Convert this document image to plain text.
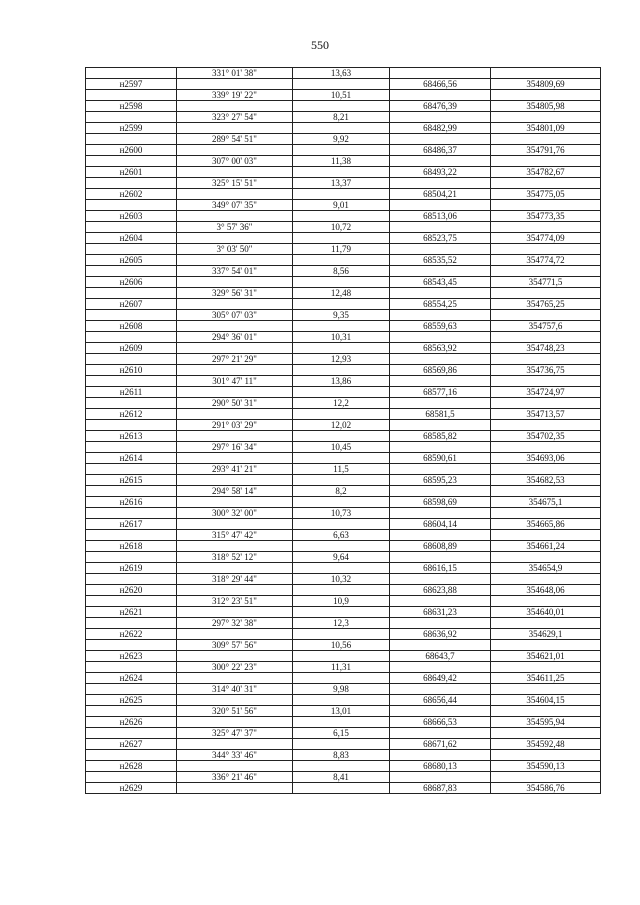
550
	331° 01' 38"	13,63		
н2597			68466,56	354809,69
	339° 19' 22"	10,51		
н2598			68476,39	354805,98
	323° 27' 54"	8,21		
н2599			68482,99	354801,09
	289° 54' 51"	9,92		
н2600			68486,37	354791,76
	307° 00' 03"	11,38		
н2601			68493,22	354782,67
	325° 15' 51"	13,37		
н2602			68504,21	354775,05
	349° 07' 35"	9,01		
н2603			68513,06	354773,35
	3° 57' 36"	10,72		
н2604			68523,75	354774,09
	3° 03' 50"	11,79		
н2605			68535,52	354774,72
	337° 54' 01"	8,56		
н2606			68543,45	354771,5
	329° 56' 31"	12,48		
н2607			68554,25	354765,25
	305° 07' 03"	9,35		
н2608			68559,63	354757,6
	294° 36' 01"	10,31		
н2609			68563,92	354748,23
	297° 21' 29"	12,93		
н2610			68569,86	354736,75
	301° 47' 11"	13,86		
н2611			68577,16	354724,97
	290° 50' 31"	12,2		
н2612			68581,5	354713,57
	291° 03' 29"	12,02		
н2613			68585,82	354702,35
	297° 16' 34"	10,45		
н2614			68590,61	354693,06
	293° 41' 21"	11,5		
н2615			68595,23	354682,53
	294° 58' 14"	8,2		
н2616			68598,69	354675,1
	300° 32' 00"	10,73		
н2617			68604,14	354665,86
	315° 47' 42"	6,63		
н2618			68608,89	354661,24
	318° 52' 12"	9,64		
н2619			68616,15	354654,9
	318° 29' 44"	10,32		
н2620			68623,88	354648,06
	312° 23' 51"	10,9		
н2621			68631,23	354640,01
	297° 32' 38"	12,3		
н2622			68636,92	354629,1
	309° 57' 56"	10,56		
н2623			68643,7	354621,01
	300° 22' 23"	11,31		
н2624			68649,42	354611,25
	314° 40' 31"	9,98		
н2625			68656,44	354604,15
	320° 51' 56"	13,01		
н2626			68666,53	354595,94
	325° 47' 37"	6,15		
н2627			68671,62	354592,48
	344° 33' 46"	8,83		
н2628			68680,13	354590,13
	336° 21' 46"	8,41		
н2629			68687,83	354586,76
